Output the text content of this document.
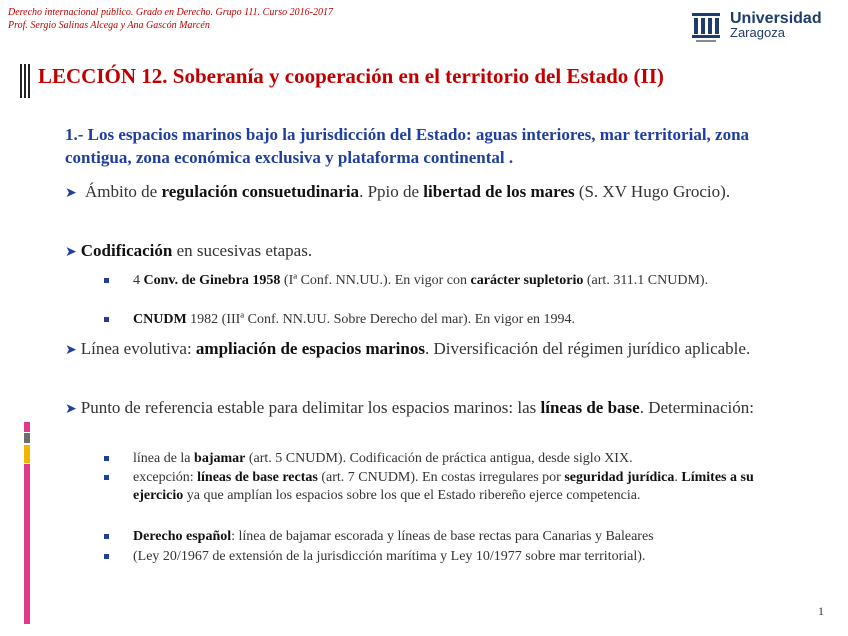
Derecho internacional público. Grado en Derecho. Grupo 111. Curso 2016-2017
Prof. Sergio Salinas Alcega y Ana Gascón Marcén	Universidad
Zaragoza
LECCIÓN 12. Soberanía y cooperación en el territorio del Estado (II)
1.- Los espacios marinos bajo la jurisdicción del Estado: aguas interiores, mar territorial, zona contigua, zona económica exclusiva y plataforma continental .
➤ Ámbito de regulación consuetudinaria. Ppio de libertad de los mares (S. XV Hugo Grocio).
➤ Codificación en sucesivas etapas.
4 Conv. de Ginebra 1958 (Iª Conf. NN.UU.). En vigor con carácter supletorio (art. 311.1 CNUDM).
CNUDM 1982 (IIIª Conf. NN.UU. Sobre Derecho del mar). En vigor en 1994.
➤ Línea evolutiva: ampliación de espacios marinos. Diversificación del régimen jurídico aplicable.
➤ Punto de referencia estable para delimitar los espacios marinos: las líneas de base. Determinación:
línea de la bajamar (art. 5 CNUDM). Codificación de práctica antigua, desde siglo XIX.
excepción: líneas de base rectas (art. 7 CNUDM). En costas irregulares por seguridad jurídica. Límites a su ejercicio ya que amplían los espacios sobre los que el Estado ribereño ejerce competencia.
Derecho español: línea de bajamar escorada y líneas de base rectas para Canarias y Baleares
(Ley 20/1967 de extensión de la jurisdicción marítima y Ley 10/1977 sobre mar territorial).
1
